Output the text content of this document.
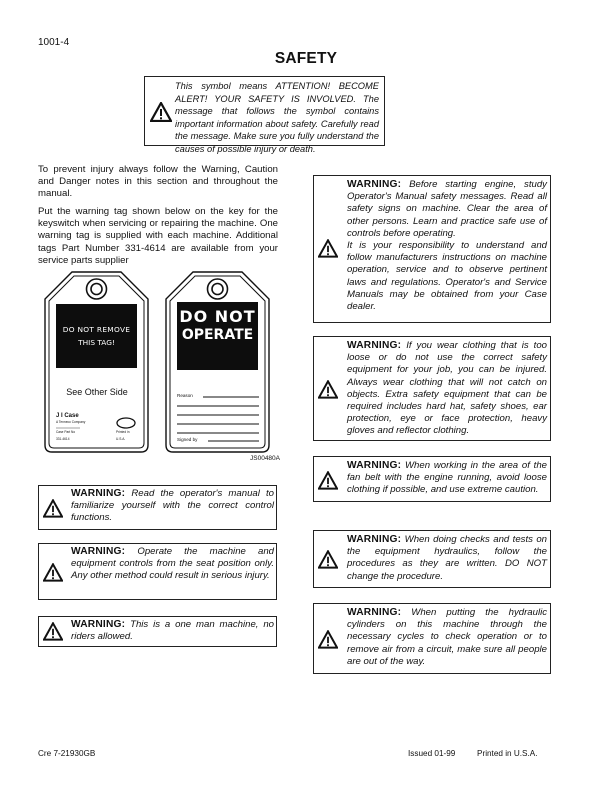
1001-4
SAFETY
This symbol means ATTENTION! BECOME ALERT! YOUR SAFETY IS INVOLVED. The message that follows the symbol contains important information about safety. Carefully read the message. Make sure you fully understand the causes of possible injury or death.
To prevent injury always follow the Warning, Caution and Danger notes in this section and throughout the manual.
Put the warning tag shown below on the key for the keyswitch when servicing or repairing the machine. One warning tag is supplied with each machine. Additional tags Part Number 331-4614 are available from your service parts supplier
DO NOT REMOVE
THIS TAG!
See Other Side
J I Case
A Tenneco Company
Case Part No
331-4614
Printed in
U.S.A.
DO NOT
OPERATE
Reason
Signed by
JS00480A
WARNING: Read the operator's manual to familiarize yourself with the correct control functions.
WARNING: Operate the machine and equipment controls from the seat position only. Any other method could result in serious injury.
WARNING: This is a one man machine, no riders allowed.
WARNING: Before starting engine, study Operator's Manual safety messages. Read all safety signs on machine. Clear the area of other persons. Learn and practice safe use of controls before operating.
It is your responsibility to understand and follow manufacturers instructions on machine operation, service and to observe pertinent laws and regulations. Operator's and Service Manuals may be obtained from your Case dealer.
WARNING: If you wear clothing that is too loose or do not use the correct safety equipment for your job, you can be injured. Always wear clothing that will not catch on objects. Extra safety equipment that can be required includes hard hat, safety shoes, ear protection, eye or face protection, heavy gloves and reflector clothing.
WARNING: When working in the area of the fan belt with the engine running, avoid loose clothing if possible, and use extreme caution.
WARNING: When doing checks and tests on the equipment hydraulics, follow the procedures as they are written. DO NOT change the procedure.
WARNING: When putting the hydraulic cylinders on this machine through the necessary cycles to check operation or to remove air from a circuit, make sure all people are out of the way.
Cre 7-21930GB	Issued 01-99	Printed in U.S.A.
